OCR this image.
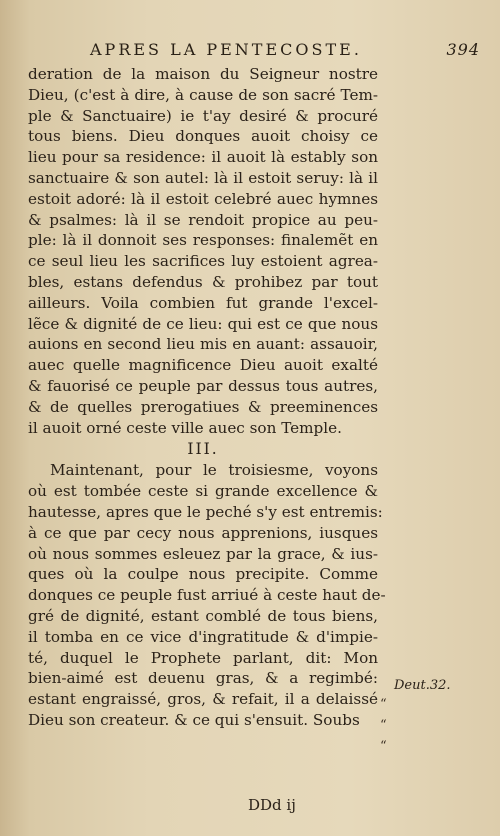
APRES LA PENTECOSTE.	394
deration de la maison du Seigneur nostre
Dieu, (c'est à dire, à cause de son sacré Tem-
ple & Sanctuaire) ie t'ay desiré & procuré
tous biens. Dieu donques auoit choisy ce
lieu pour sa residence: il auoit là estably son
sanctuaire & son autel: là il estoit seruy: là il
estoit adoré: là il estoit celebré auec hymnes
& psalmes: là il se rendoit propice au peu-
ple: là il donnoit ses responses: finalemẽt en
ce seul lieu les sacrifices luy estoient agrea-
bles, estans defendus & prohibez par tout
ailleurs. Voila combien fut grande l'excel-
lẽce & dignité de ce lieu: qui est ce que nous
auions en second lieu mis en auant: assauoir,
auec quelle magnificence Dieu auoit exalté
& fauorisé ce peuple par dessus tous autres,
& de quelles prerogatiues & preeminences
il auoit orné ceste ville auec son Temple.
III.
Maintenant, pour le troisiesme, voyons
où est tombée ceste si grande excellence &
hautesse, apres que le peché s'y est entremis:
à ce que par cecy nous apprenions, iusques
où nous sommes esleuez par la grace, & ius-
ques où la coulpe nous precipite. Comme
donques ce peuple fust arriué à ceste haut de-
gré de dignité, estant comblé de tous biens,
il tomba en ce vice d'ingratitude & d'impie-
té, duquel le Prophete parlant, dit: Mon
bien-aimé est deuenu gras, & a regimbé:
estant engraissé, gros, & refait, il a delaissé
Dieu son createur. & ce qui s'ensuit. Soubs
Deut.32.
“
“
“
DDd ij
